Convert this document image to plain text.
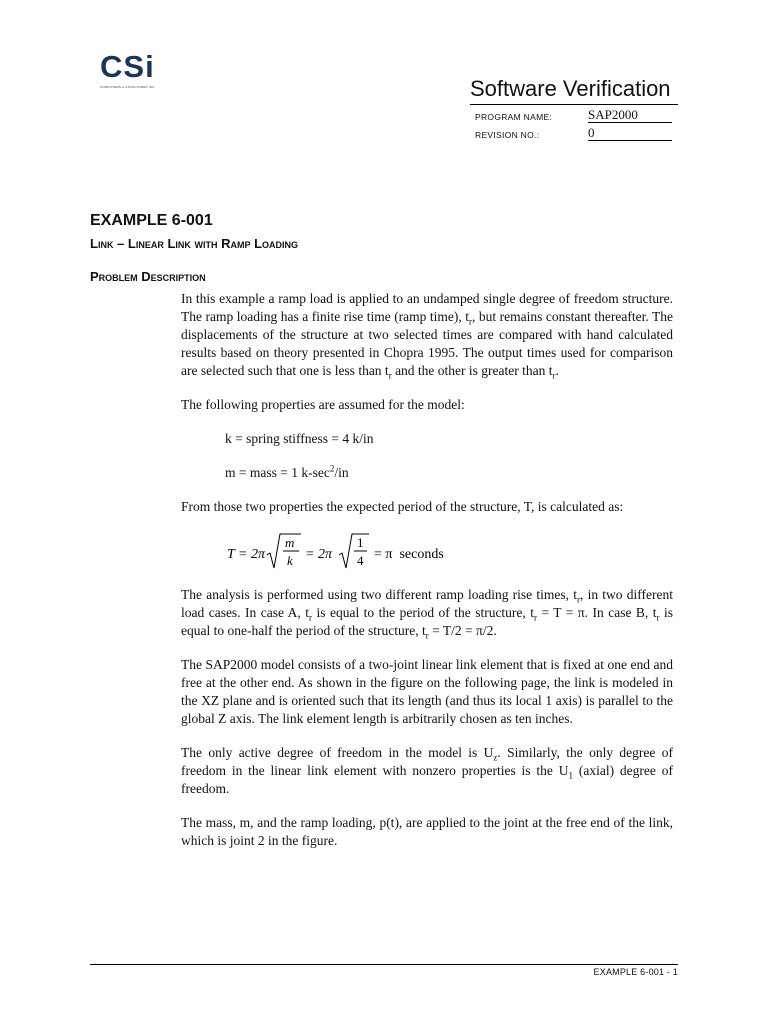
CSi
COMPUTERS & STRUCTURES INC.	Software Verification
PROGRAM NAME:	SAP2000
REVISION NO.:	0
EXAMPLE 6-001
Link – Linear Link with Ramp Loading
Problem Description

In this example a ramp load is applied to an undamped single degree of freedom structure. The ramp loading has a finite rise time (ramp time), $t_r$, but remains constant thereafter. The displacements of the structure at two selected times are compared with hand calculated results based on theory presented in Chopra 1995. The output times used for comparison are selected such that one is less than $t_r$ and the other is greater than $t_r$.

The following properties are assumed for the model:

k = spring stiffness = 4 k/in

m = mass = 1 $k-\sec^2/in$

From those two properties the expected period of the structure, T, is calculated as:

T = 2π
m
k = 2π
1
4 = π  seconds

The analysis is performed using two different ramp loading rise times, $t_r$, in two different load cases. In case A, $t_r$ is equal to the period of the structure, $t_r = T = \pi$. In case B, $t_r$ is equal to one-half the period of the structure, $t_r = T/2 = \pi/2$.

The SAP2000 model consists of a two-joint linear link element that is fixed at one end and free at the other end. As shown in the figure on the following page, the link is modeled in the XZ plane and is oriented such that its length (and thus its local 1 axis) is parallel to the global Z axis. The link element length is arbitrarily chosen as ten inches.

The only active degree of freedom in the model is $U_z$. Similarly, the only degree of freedom in the linear link element with nonzero properties is the $U_1$ (axial) degree of freedom.

The mass, m, and the ramp loading, p(t), are applied to the joint at the free end of the link, which is joint 2 in the figure.

EXAMPLE 6-001 - 1
